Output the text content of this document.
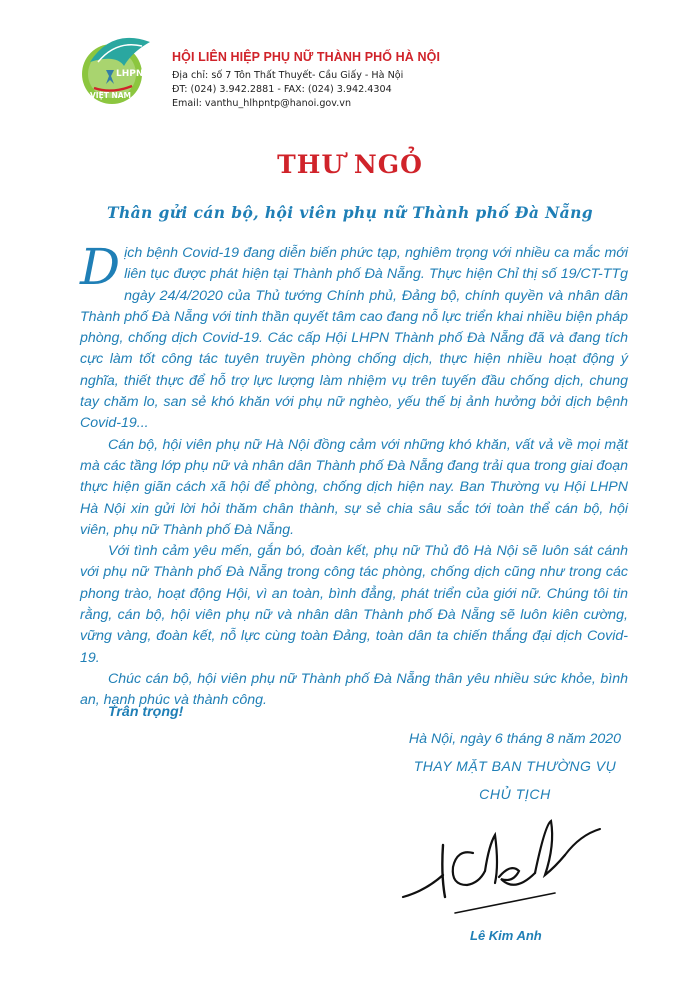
LHPN
VIỆT NAM
HỘI LIÊN HIỆP PHỤ NỮ THÀNH PHỐ HÀ NỘI
Địa chỉ: số 7 Tôn Thất Thuyết- Cầu Giấy - Hà Nội
ĐT: (024) 3.942.2881 - FAX: (024) 3.942.4304
Email: vanthu_hlhpntp@hanoi.gov.vn
THƯ NGỎ
Thân gửi cán bộ, hội viên phụ nữ Thành phố Đà Nẵng

Dịch bệnh Covid-19 đang diễn biến phức tạp, nghiêm trọng với nhiều ca mắc mới liên tục được phát hiện tại Thành phố Đà Nẵng. Thực hiện Chỉ thị số 19/CT-TTg ngày 24/4/2020 của Thủ tướng Chính phủ, Đảng bộ, chính quyền và nhân dân Thành phố Đà Nẵng với tinh thần quyết tâm cao đang nỗ lực triển khai nhiều biện pháp phòng, chống dịch Covid-19. Các cấp Hội LHPN Thành phố Đà Nẵng đã và đang tích cực làm tốt công tác tuyên truyền phòng chống dịch, thực hiện nhiều hoạt động ý nghĩa, thiết thực để hỗ trợ lực lượng làm nhiệm vụ trên tuyến đầu chống dịch, chung tay chăm lo, san sẻ khó khăn với phụ nữ nghèo, yếu thế bị ảnh hưởng bởi dịch bệnh Covid-19...

Cán bộ, hội viên phụ nữ Hà Nội đồng cảm với những khó khăn, vất vả về mọi mặt mà các tầng lớp phụ nữ và nhân dân Thành phố Đà Nẵng đang trải qua trong giai đoạn thực hiện giãn cách xã hội để phòng, chống dịch hiện nay. Ban Thường vụ Hội LHPN Hà Nội xin gửi lời hỏi thăm chân thành, sự sẻ chia sâu sắc tới toàn thể cán bộ, hội viên, phụ nữ Thành phố Đà Nẵng.

Với tình cảm yêu mến, gắn bó, đoàn kết, phụ nữ Thủ đô Hà Nội sẽ luôn sát cánh với phụ nữ Thành phố Đà Nẵng trong công tác phòng, chống dịch cũng như trong các phong trào, hoạt động Hội, vì an toàn, bình đẳng, phát triển của giới nữ. Chúng tôi tin rằng, cán bộ, hội viên phụ nữ và nhân dân Thành phố Đà Nẵng sẽ luôn kiên cường, vững vàng, đoàn kết, nỗ lực cùng toàn Đảng, toàn dân ta chiến thắng đại dịch Covid-19.

Chúc cán bộ, hội viên phụ nữ Thành phố Đà Nẵng thân yêu nhiều sức khỏe, bình an, hạnh phúc và thành công.

Trân trọng!
Hà Nội, ngày 6 tháng 8 năm 2020
THAY MẶT BAN THƯỜNG VỤ
CHỦ TỊCH
Lê Kim Anh
